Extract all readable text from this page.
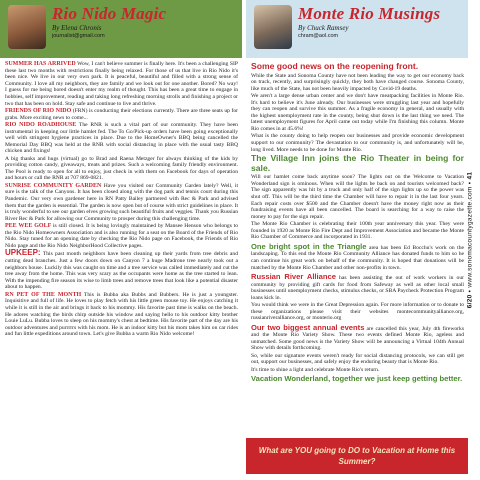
Rio Nido Magic
By Elena Chronis
journalist@gmail.com

SUMMER HAS ARRIVED Wow, I can't believe summer is finally here. It's been a challenging SIP these last two months with restrictions finally being relaxed. For those of us that live in Rio Nido it's been nice. We live in our very own park. It is peaceful, beautiful and filled with a strong sense of Community. I love all my neighbors, they are family and we look out for one another. Bored? No way! I guess for me being bored doesn't enter my realm of thought. This has been a great time to engage in hobbies, self improvement, reading and taking long refreshing morning strolls and finishing a project or two that has been on hold. Stay safe and continue to live and thrive.

FRIENDS OF RIO NIDO (FRN) is conducting their elections currently. There are three seats up for grabs. More exciting news to come...

RIO NIDO ROADHOUSE The RNR is such a vital part of our community. They have been instrumental in keeping our little hamlet fed. The To Go/Pick-up orders have been going exceptionally well with stringent hygiene practices in place. Due to the HomeOwner's BBQ being cancelled the Memorial Day BBQ was held at the RNR with social distancing in place with the usual tasty BBQ chicken and fixings!

A big thanks and hugs (virtual) go to Brad and Raena Metzger for always thinking of the kids by providing cotton candy, giveaways, treats and prizes. Such a welcoming family friendly environment. The Pool is ready to open for all to enjoy, just check in with them on Facebook for days of operation and hours or call the RNR at 707 869-0821.

SUNRISE COMMUNITY GARDEN Have you visited our Community Garden lately? Well, it sure is the talk of the Canyons. It has been closed along with the dog park and tennis court during this Pandemic. Our very own gardener here in RN Patty Bailey partnered with Rec & Park and advised them that the garden is essential. The garden is now open but of course with strict guidelines in place. It is truly wonderful to see our garden elves growing such beautiful fruits and veggies. Thank you Russian River Rec & Park for allowing our Community to prosper during this challenging time.

PEE WEE GOLF is still closed. It is being lovingly maintained by Mansee Henson who belongs to the Rio Nido Homeowners Association and is also running for a seat on the Board of the Friends of Rio Nido. Stay tuned for an opening date by checking the Rio Nido page on Facebook, the Friends of Rio Nido page and the Rio Nido NeighborHood Collective pages.

UPKEEP: This past month neighbors have been cleaning up their yards from tree debris and cutting dead branches. Just a few doors down on Canyon 7 a huge Madrone tree nearly took out a neighbors house. Luckily this was caught on time and a tree service was called immediately and cut the tree away from the home. This was very scary as the occupants were home as the tree started to lean. With the impending fire season its wise to limb trees and remove trees that look like a potential disaster about to happen.

RN PET OF THE MONTH This is Bubba aka Bubbs and Bubbers. He is just a youngster. Inquisitive and full of life. He loves to play fetch with his little green mouse toy. He enjoys catching it while it is still in the air and brings it back to his mommy. His favorite past time is walks on the beach. He adores watching the birds chirp outside his window and saying hello to his outdoor kitty brother Louie LuLu. Bubba loves to sleep on his mommy's chest at bedtime. His favorite part of the day are his outdoor adventures and purrrrrs with his mom. He is an indoor kitty but his mom takes him on car rides and fun little expeditions around town. Let's give Bubba a warm Rio Nido welcome!

Monte Rio Musings
By Chuck Ramsey
chram@aol.com
Some good news on the reopening front.

While the State and Sonoma County have not been leading the way to get our economy back on track, recently, and surprisingly quickly, they both have changed course. Sonoma County, like much of the State, has not been heavily impacted by Covid-19 deaths.

We aren't a large dense urban center and we don't have meatpacking facilities in Monte Rio. It's hard to believe it's June already. Our businesses were struggling last year and hopefully they can reopen and survive this summer. As a fragile economy in general, and usually with the highest unemployment rate in the county, being shut down is the last thing we need. The latest unemployment figures for April came out today while I'm finishing this column. Monte Rio comes in at 45.6%!

What is the county doing to help reopen our businesses and provide economic development support to our community? The devastation to our community is, and unfortunately will be, long lived. More needs to be done for Monte Rio.

The Village Inn joins the Rio Theater in being for sale.

Will our hamlet come back anytime soon? The lights out on the Welcome to Vacation Wonderland sign is ominous. When will the lights be back on and tourists welcomed back? The sign apparently was hit by a truck and only half of the sign lights up so the power was shut off. This will be the third time the Chamber will have to repair it in the last four years. Each repair costs over $500 and the Chamber doesn't have the money right now as their fundraising events have all been cancelled. The board is searching for a way to raise the money to pay for the sign repair.

The Monte Rio Chamber is celebrating their 100th year anniversary this year. They were founded in 1920 as Monte Rio Fire Dept and Improvement Association and became the Monte Rio Chamber of Commerce and incorporated in 1931.

One bright spot in the Triangle area has been Ed Bocchu's work on the landscaping. To this end the Monte Rio Community Alliance has donated funds to him so he can continue his great work on behalf of the community. It is hoped that donations will be matched by the Monte Rio Chamber and other non-profits in town.

Russian River Alliance has been assisting the out of work workers in our community by providing gift cards for food from Safeway as well as other local small businesses until unemployment checks, stimulus checks, or SBA Paycheck Protection Program loans kick in.

You would think we were in the Great Depression again. For more information or to donate to these organizations please visit their websites montecommunityalliance.org, russianriveralliance.org, or monterio.org

Our two biggest annual events are cancelled this year, July 4th fireworks and the Monte Rio Variety Show. These two events defined Monte Rio, ageless and unmatched. Some good news is the Variety Show will be announcing a Virtual 104th Annual Show with details forthcoming.

So, while our signature events weren't ready for social distancing protocols, we can still get out, support our businesses, and safely enjoy the enduring beauty that is Monte Rio.

It's time to shine a light and celebrate Monte Rio's return.

Vacation Wonderland, together we just keep getting better.

What are YOU going to DO to Vacation at Home this Summer?
6/20 • www.sonomacountygazette.com • 41
